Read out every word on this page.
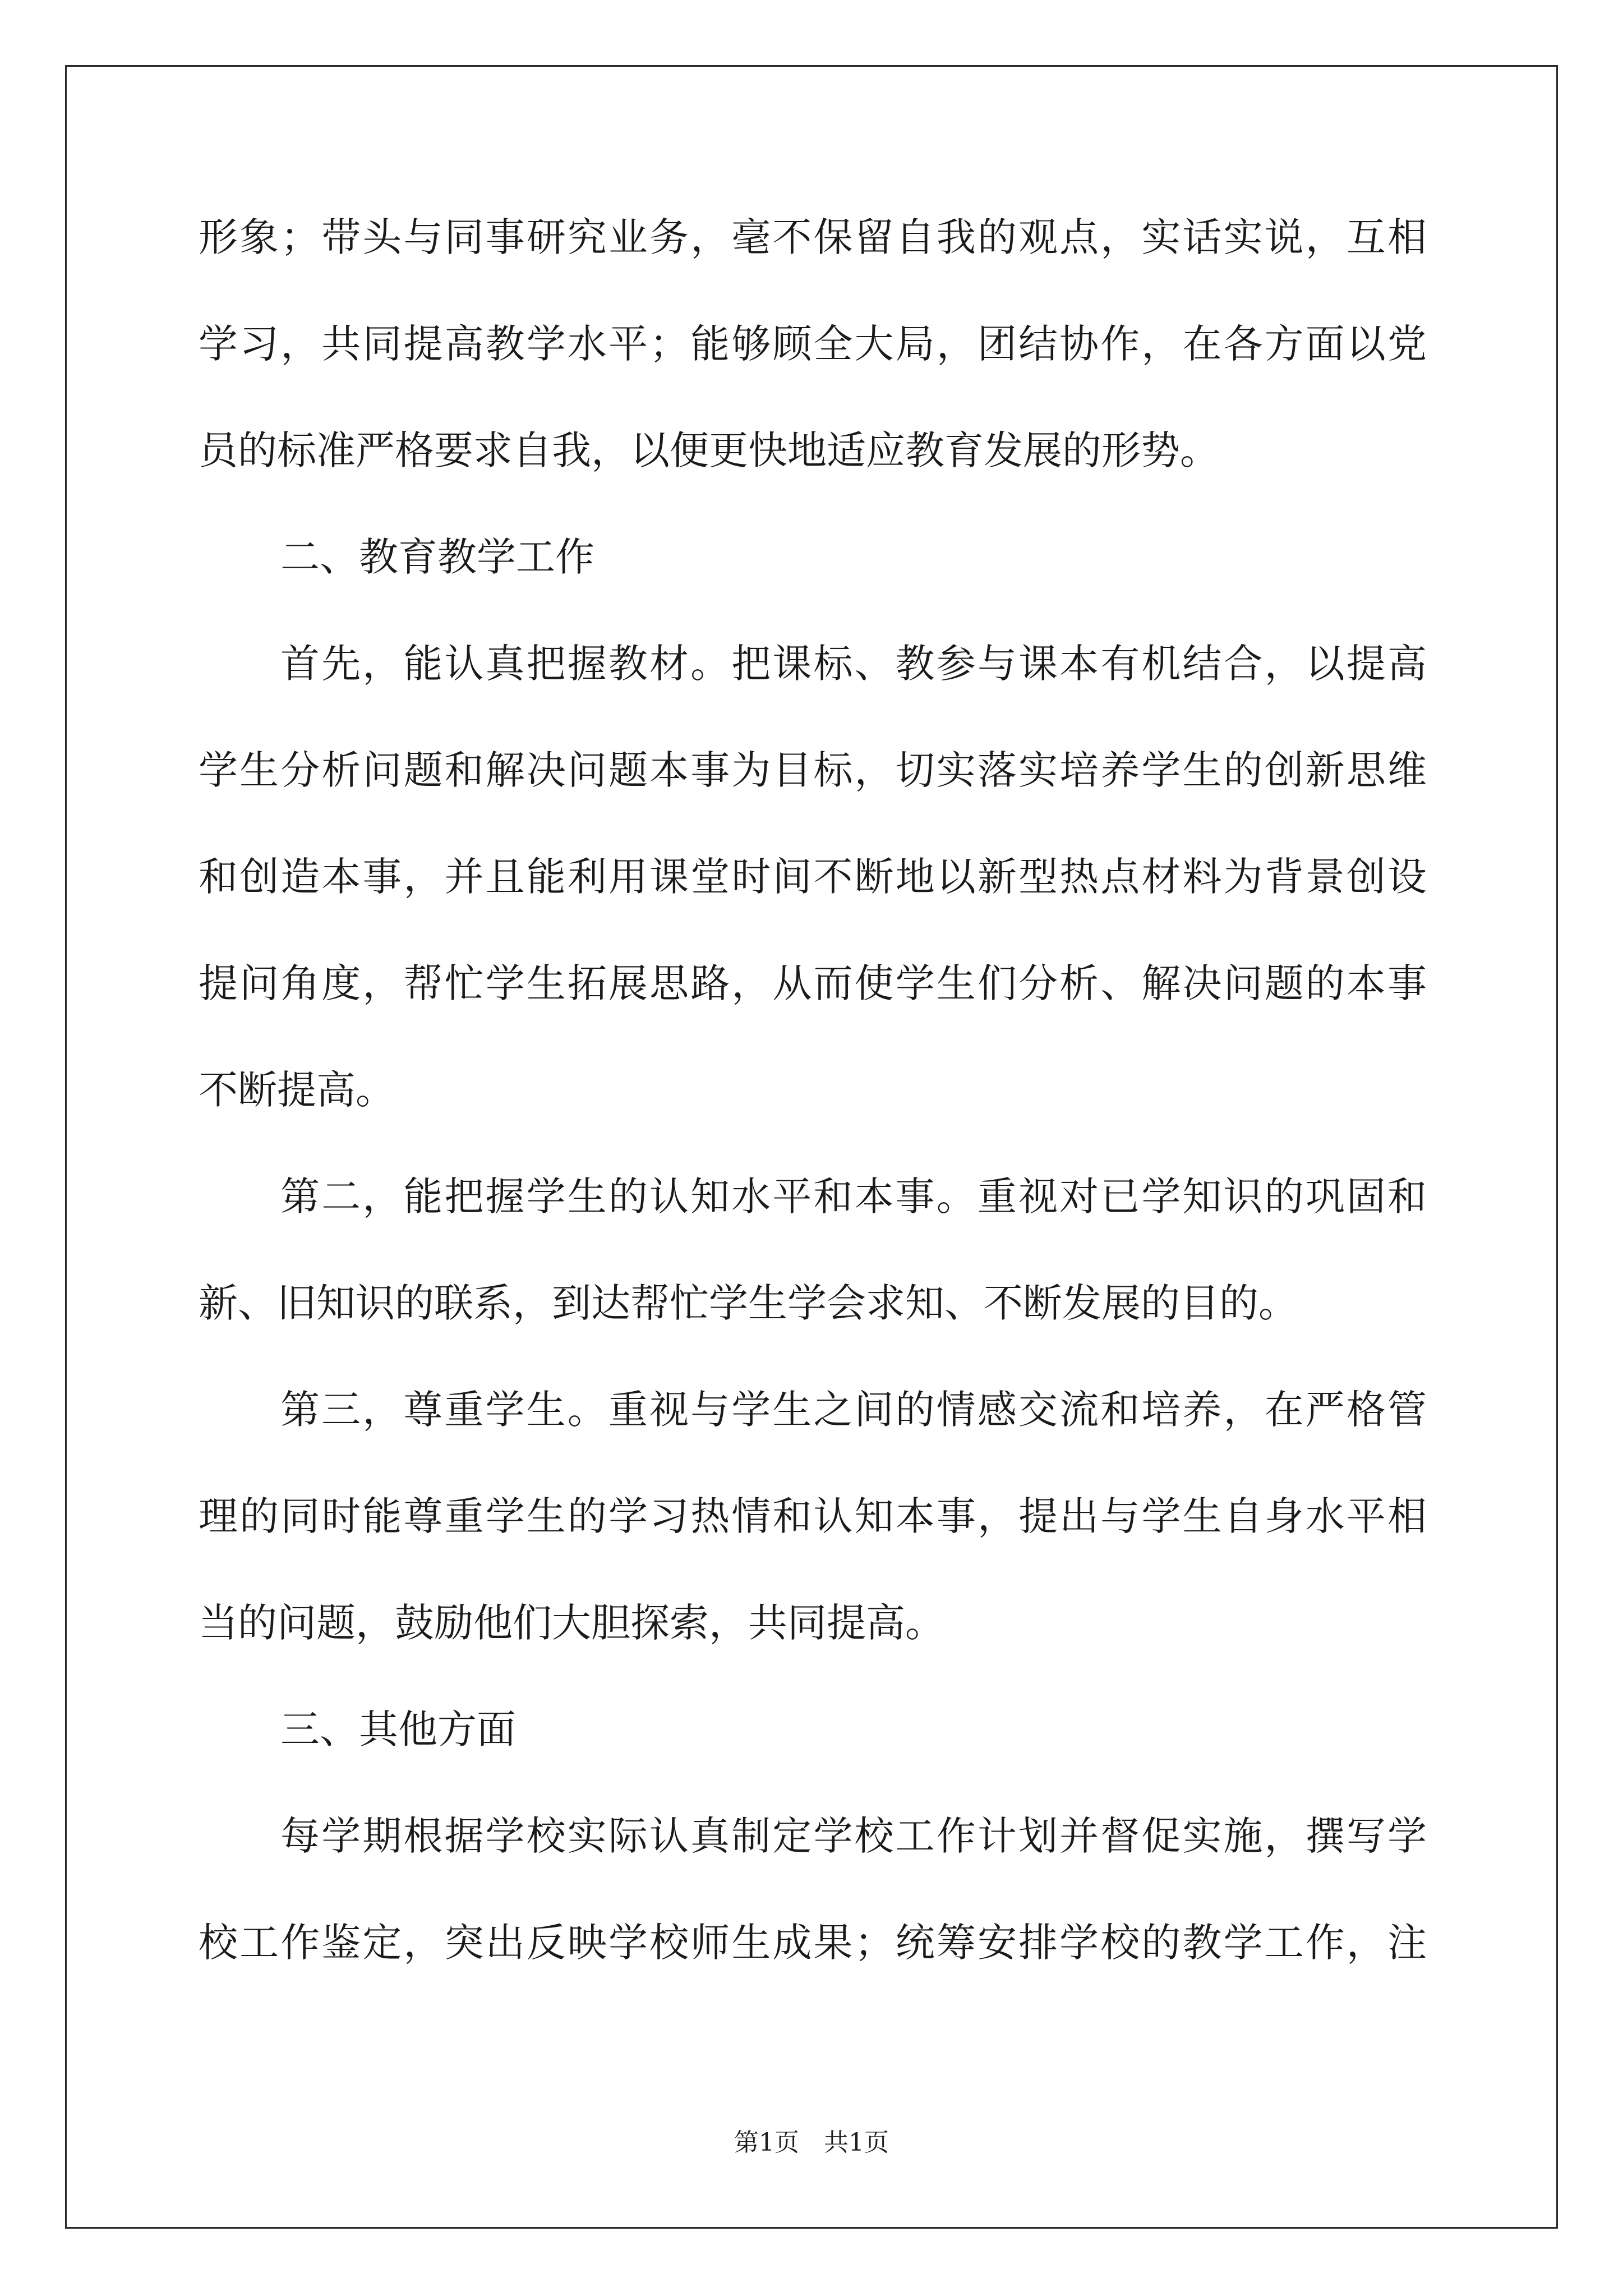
形象；带头与同事研究业务，毫不保留自我的观点，实话实说，互相
学习，共同提高教学水平；能够顾全大局，团结协作，在各方面以党
员的标准严格要求自我，以便更快地适应教育发展的形势。
二、教育教学工作
首先，能认真把握教材。把课标、教参与课本有机结合，以提高
学生分析问题和解决问题本事为目标，切实落实培养学生的创新思维
和创造本事，并且能利用课堂时间不断地以新型热点材料为背景创设
提问角度，帮忙学生拓展思路，从而使学生们分析、解决问题的本事
不断提高。
第二，能把握学生的认知水平和本事。重视对已学知识的巩固和
新、旧知识的联系，到达帮忙学生学会求知、不断发展的目的。
第三，尊重学生。重视与学生之间的情感交流和培养，在严格管
理的同时能尊重学生的学习热情和认知本事，提出与学生自身水平相
当的问题，鼓励他们大胆探索，共同提高。
三、其他方面
每学期根据学校实际认真制定学校工作计划并督促实施，撰写学
校工作鉴定，突出反映学校师生成果；统筹安排学校的教学工作，注
第1页　共1页
